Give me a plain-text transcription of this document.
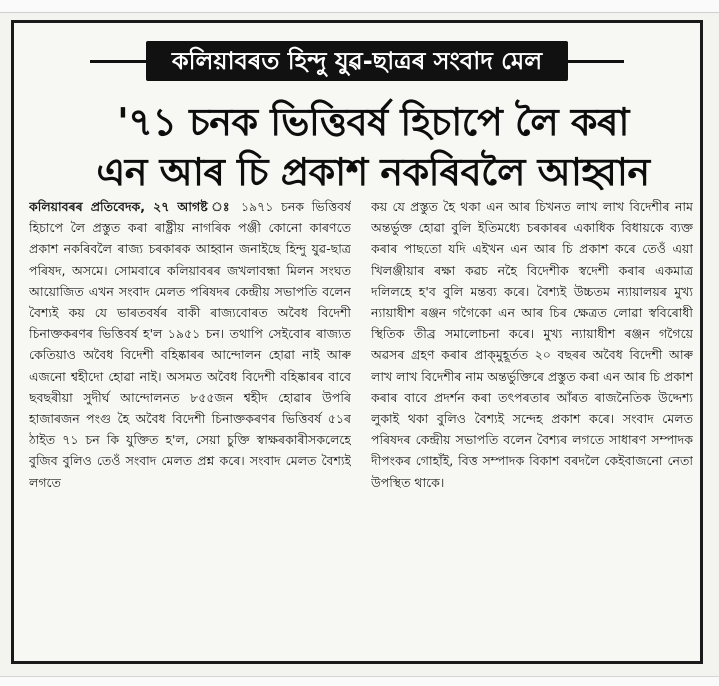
কলিয়াবৰত হিন্দু যুৱ-ছাত্ৰৰ সংবাদ মেল
'৭১ চনক ভিত্তিবৰ্ষ হিচাপে লৈ কৰা
এন আৰ চি প্ৰকাশ নকৰিবলৈ আহ্বান

কলিয়াবৰৰ প্ৰতিবেদক, ২৭ আগষ্ট ঃ ১৯৭১ চনক ভিত্তিবৰ্ষ হিচাপে লৈ প্ৰস্তুত কৰা ৰাষ্ট্ৰীয় নাগৰিক পঞ্জী কোনো কাৰণতে প্ৰকাশ নকৰিবলৈ ৰাজ্য চৰকাৰক আহ্বান জনাইছে হিন্দু যুৱ-ছাত্ৰ পৰিষদ, অসমে। সোমবাৰে কলিয়াবৰৰ জখলাবন্ধা মিলন সংঘত আয়োজিত এখন সংবাদ মেলত পৰিষদৰ কেন্দ্ৰীয় সভাপতি বলেন বৈশ্যই কয় যে ভাৰতবৰ্ষৰ বাকী ৰাজ্যবোৰত অবৈধ বিদেশী চিনাক্তকৰণৰ ভিত্তিবৰ্ষ হ'ল ১৯৫১ চন। তথাপি সেইবোৰ ৰাজ্যত কেতিয়াও অবৈধ বিদেশী বহিষ্কাৰৰ আন্দোলন হোৱা নাই আৰু এজনো শ্বহীদো হোৱা নাই। অসমত অবৈধ বিদেশী বহিষ্কাৰৰ বাবে ছবছৰীয়া সুদীৰ্ঘ আন্দোলনত ৮৫৫জন শ্বহীদ হোৱাৰ উপৰি হাজাৰজন পংগু হৈ অবৈধ বিদেশী চিনাক্তকৰণৰ ভিত্তিবৰ্ষ ৫১ৰ ঠাইত ৭১ চন কি যুক্তিত হ'ল, সেয়া চুক্তি স্বাক্ষৰকাৰীসকলেহে বুজিব বুলিও তেওঁ সংবাদ মেলত প্ৰশ্ন কৰে। সংবাদ মেলত বৈশ্যই লগতে

কয় যে প্ৰস্তুত হৈ থকা এন আৰ চিখনত লাখ লাখ বিদেশীৰ নাম অন্তৰ্ভুক্ত হোৱা বুলি ইতিমধ্যে চৰকাৰৰ একাধিক বিধায়কে ব্যক্ত কৰাৰ পাছতো যদি এইখন এন আৰ চি প্ৰকাশ কৰে তেওঁ এয়া খিলঞ্জীয়াৰ ৰক্ষা কৱচ নহৈ বিদেশীক স্বদেশী কৰাৰ একমাত্ৰ দলিলহে হ'ব বুলি মন্তব্য কৰে। বৈশ্যই উচ্চতম ন্যায়ালয়ৰ মুখ্য ন্যায়াধীশ ৰঞ্জন গগৈকো এন আৰ চিৰ ক্ষেত্ৰত লোৱা স্ববিৰোধী স্থিতিক তীব্ৰ সমালোচনা কৰে। মুখ্য ন্যায়াধীশ ৰঞ্জন গগৈয়ে অৱসৰ গ্ৰহণ কৰাৰ প্ৰাক্‌মুহূৰ্তত ২০ বছৰৰ অবৈধ বিদেশী আৰু লাখ লাখ বিদেশীৰ নাম অন্তৰ্ভুক্তিৰে প্ৰস্তুত কৰা এন আৰ চি প্ৰকাশ কৰাৰ বাবে প্ৰদৰ্শন কৰা তৎপৰতাৰ আঁৰত ৰাজনৈতিক উদ্দেশ্য লুকাই থকা বুলিও বৈশ্যই সন্দেহ প্ৰকাশ কৰে। সংবাদ মেলত পৰিষদৰ কেন্দ্ৰীয় সভাপতি বলেন বৈশ্যৰ লগতে সাধাৰণ সম্পাদক দীপংকৰ গোহাঁই, বিত্ত সম্পাদক বিকাশ বৰদলৈ কেইবাজনো নেতা উপস্থিত থাকে।
